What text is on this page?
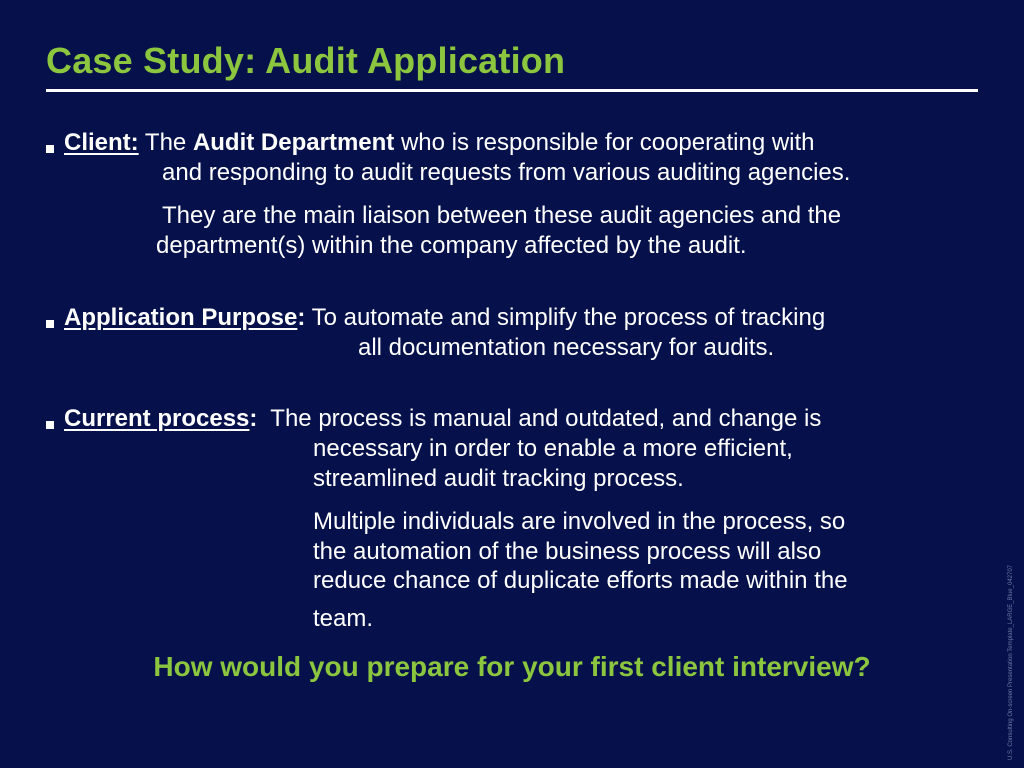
Case Study: Audit Application
Client: The Audit Department who is responsible for cooperating with
and responding to audit requests from various auditing agencies.
They are the main liaison between these audit agencies and the
department(s) within the company affected by the audit.
Application Purpose: To automate and simplify the process of tracking
all documentation necessary for audits.
Current process: The process is manual and outdated, and change is
necessary in order to enable a more efficient,
streamlined audit tracking process.
Multiple individuals are involved in the process, so
the automation of the business process will also
reduce chance of duplicate efforts made within the
team.
How would you prepare for your first client interview?	U.S. Consulting On-screen Presentation Template_LARGE_Blue_042707
